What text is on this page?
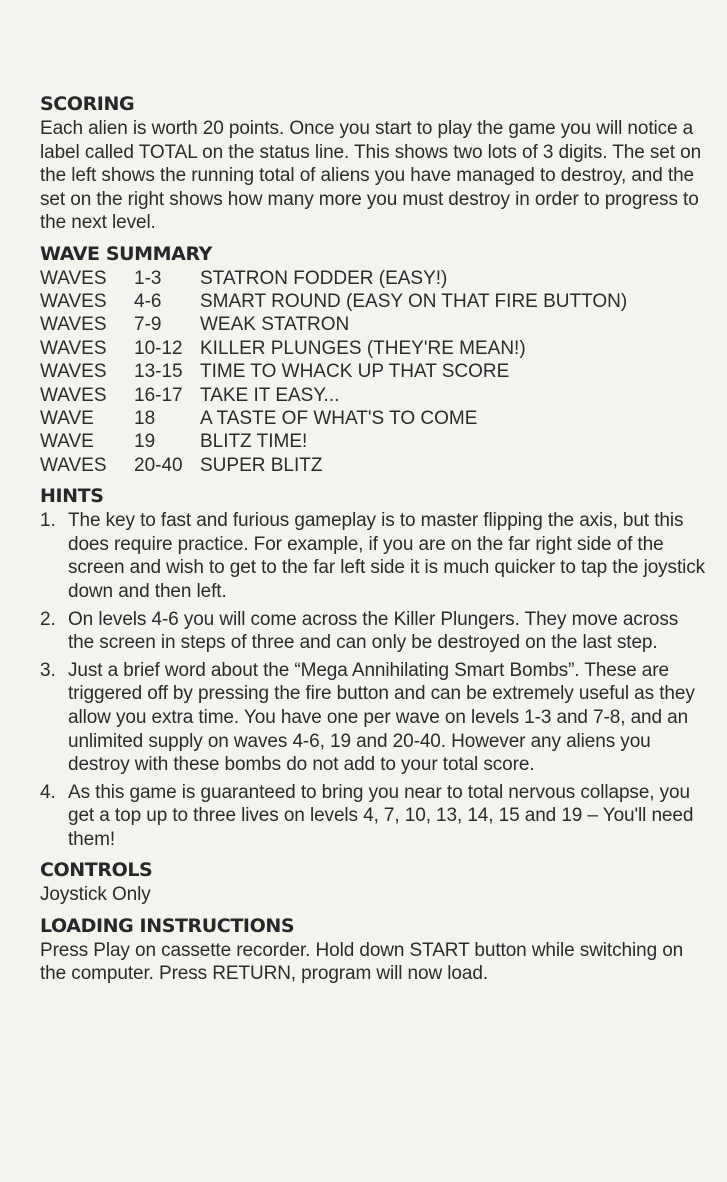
SCORING

Each alien is worth 20 points. Once you start to play the game you will notice a label called TOTAL on the status line. This shows two lots of 3 digits. The set on the left shows the running total of aliens you have managed to destroy, and the set on the right shows how many more you must destroy in order to progress to the next level.

WAVE SUMMARY
WAVES	1-3	STATRON FODDER (EASY!)
WAVES	4-6	SMART ROUND (EASY ON THAT FIRE BUTTON)
WAVES	7-9	WEAK STATRON
WAVES	10-12	KILLER PLUNGES (THEY'RE MEAN!)
WAVES	13-15	TIME TO WHACK UP THAT SCORE
WAVES	16-17	TAKE IT EASY...
WAVE	18	A TASTE OF WHAT'S TO COME
WAVE	19	BLITZ TIME!
WAVES	20-40	SUPER BLITZ
HINTS
1. The key to fast and furious gameplay is to master flipping the axis, but this does require practice. For example, if you are on the far right side of the screen and wish to get to the far left side it is much quicker to tap the joystick down and then left.
2. On levels 4-6 you will come across the Killer Plungers. They move across the screen in steps of three and can only be destroyed on the last step.
3. Just a brief word about the “Mega Annihilating Smart Bombs”. These are triggered off by pressing the fire button and can be extremely useful as they allow you extra time. You have one per wave on levels 1-3 and 7-8, and an unlimited supply on waves 4-6, 19 and 20-40. However any aliens you destroy with these bombs do not add to your total score.
4. As this game is guaranteed to bring you near to total nervous collapse, you get a top up to three lives on levels 4, 7, 10, 13, 14, 15 and 19 – You'll need them!
CONTROLS

Joystick Only

LOADING INSTRUCTIONS

Press Play on cassette recorder. Hold down START button while switching on the computer. Press RETURN, program will now load.
